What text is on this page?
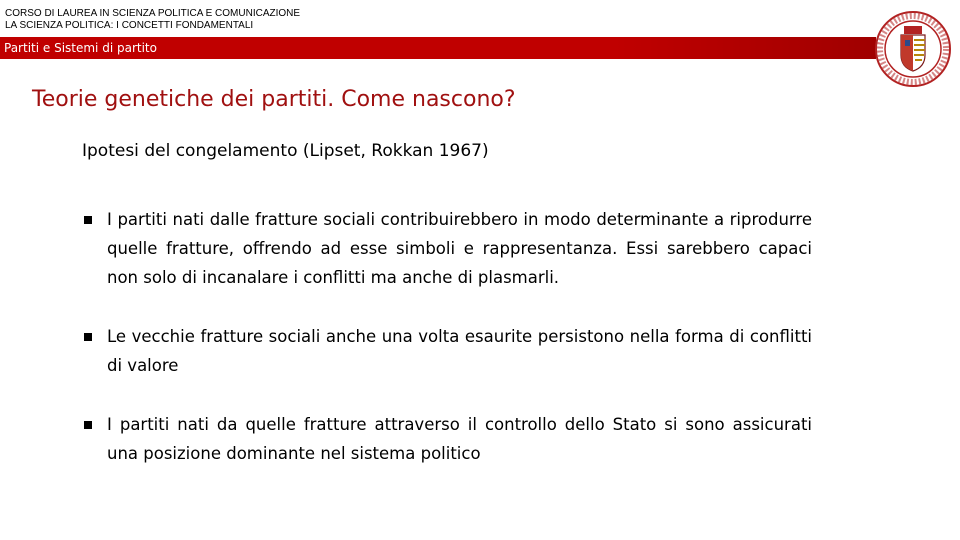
CORSO DI LAUREA IN SCIENZA POLITICA E COMUNICAZIONE
LA SCIENZA POLITICA: I CONCETTI FONDAMENTALI
Partiti e Sistemi di partito
Teorie genetiche dei partiti. Come nascono?
Ipotesi del congelamento (Lipset, Rokkan 1967)
I partiti nati dalle fratture sociali contribuirebbero in modo determinante a riprodurre quelle fratture, offrendo ad esse simboli e rappresentanza. Essi sarebbero capaci non solo di incanalare i conflitti ma anche di plasmarli.
Le vecchie fratture sociali anche una volta esaurite persistono nella forma di conflitti di valore
I partiti nati da quelle fratture attraverso il controllo dello Stato si sono assicurati una posizione dominante nel sistema politico
